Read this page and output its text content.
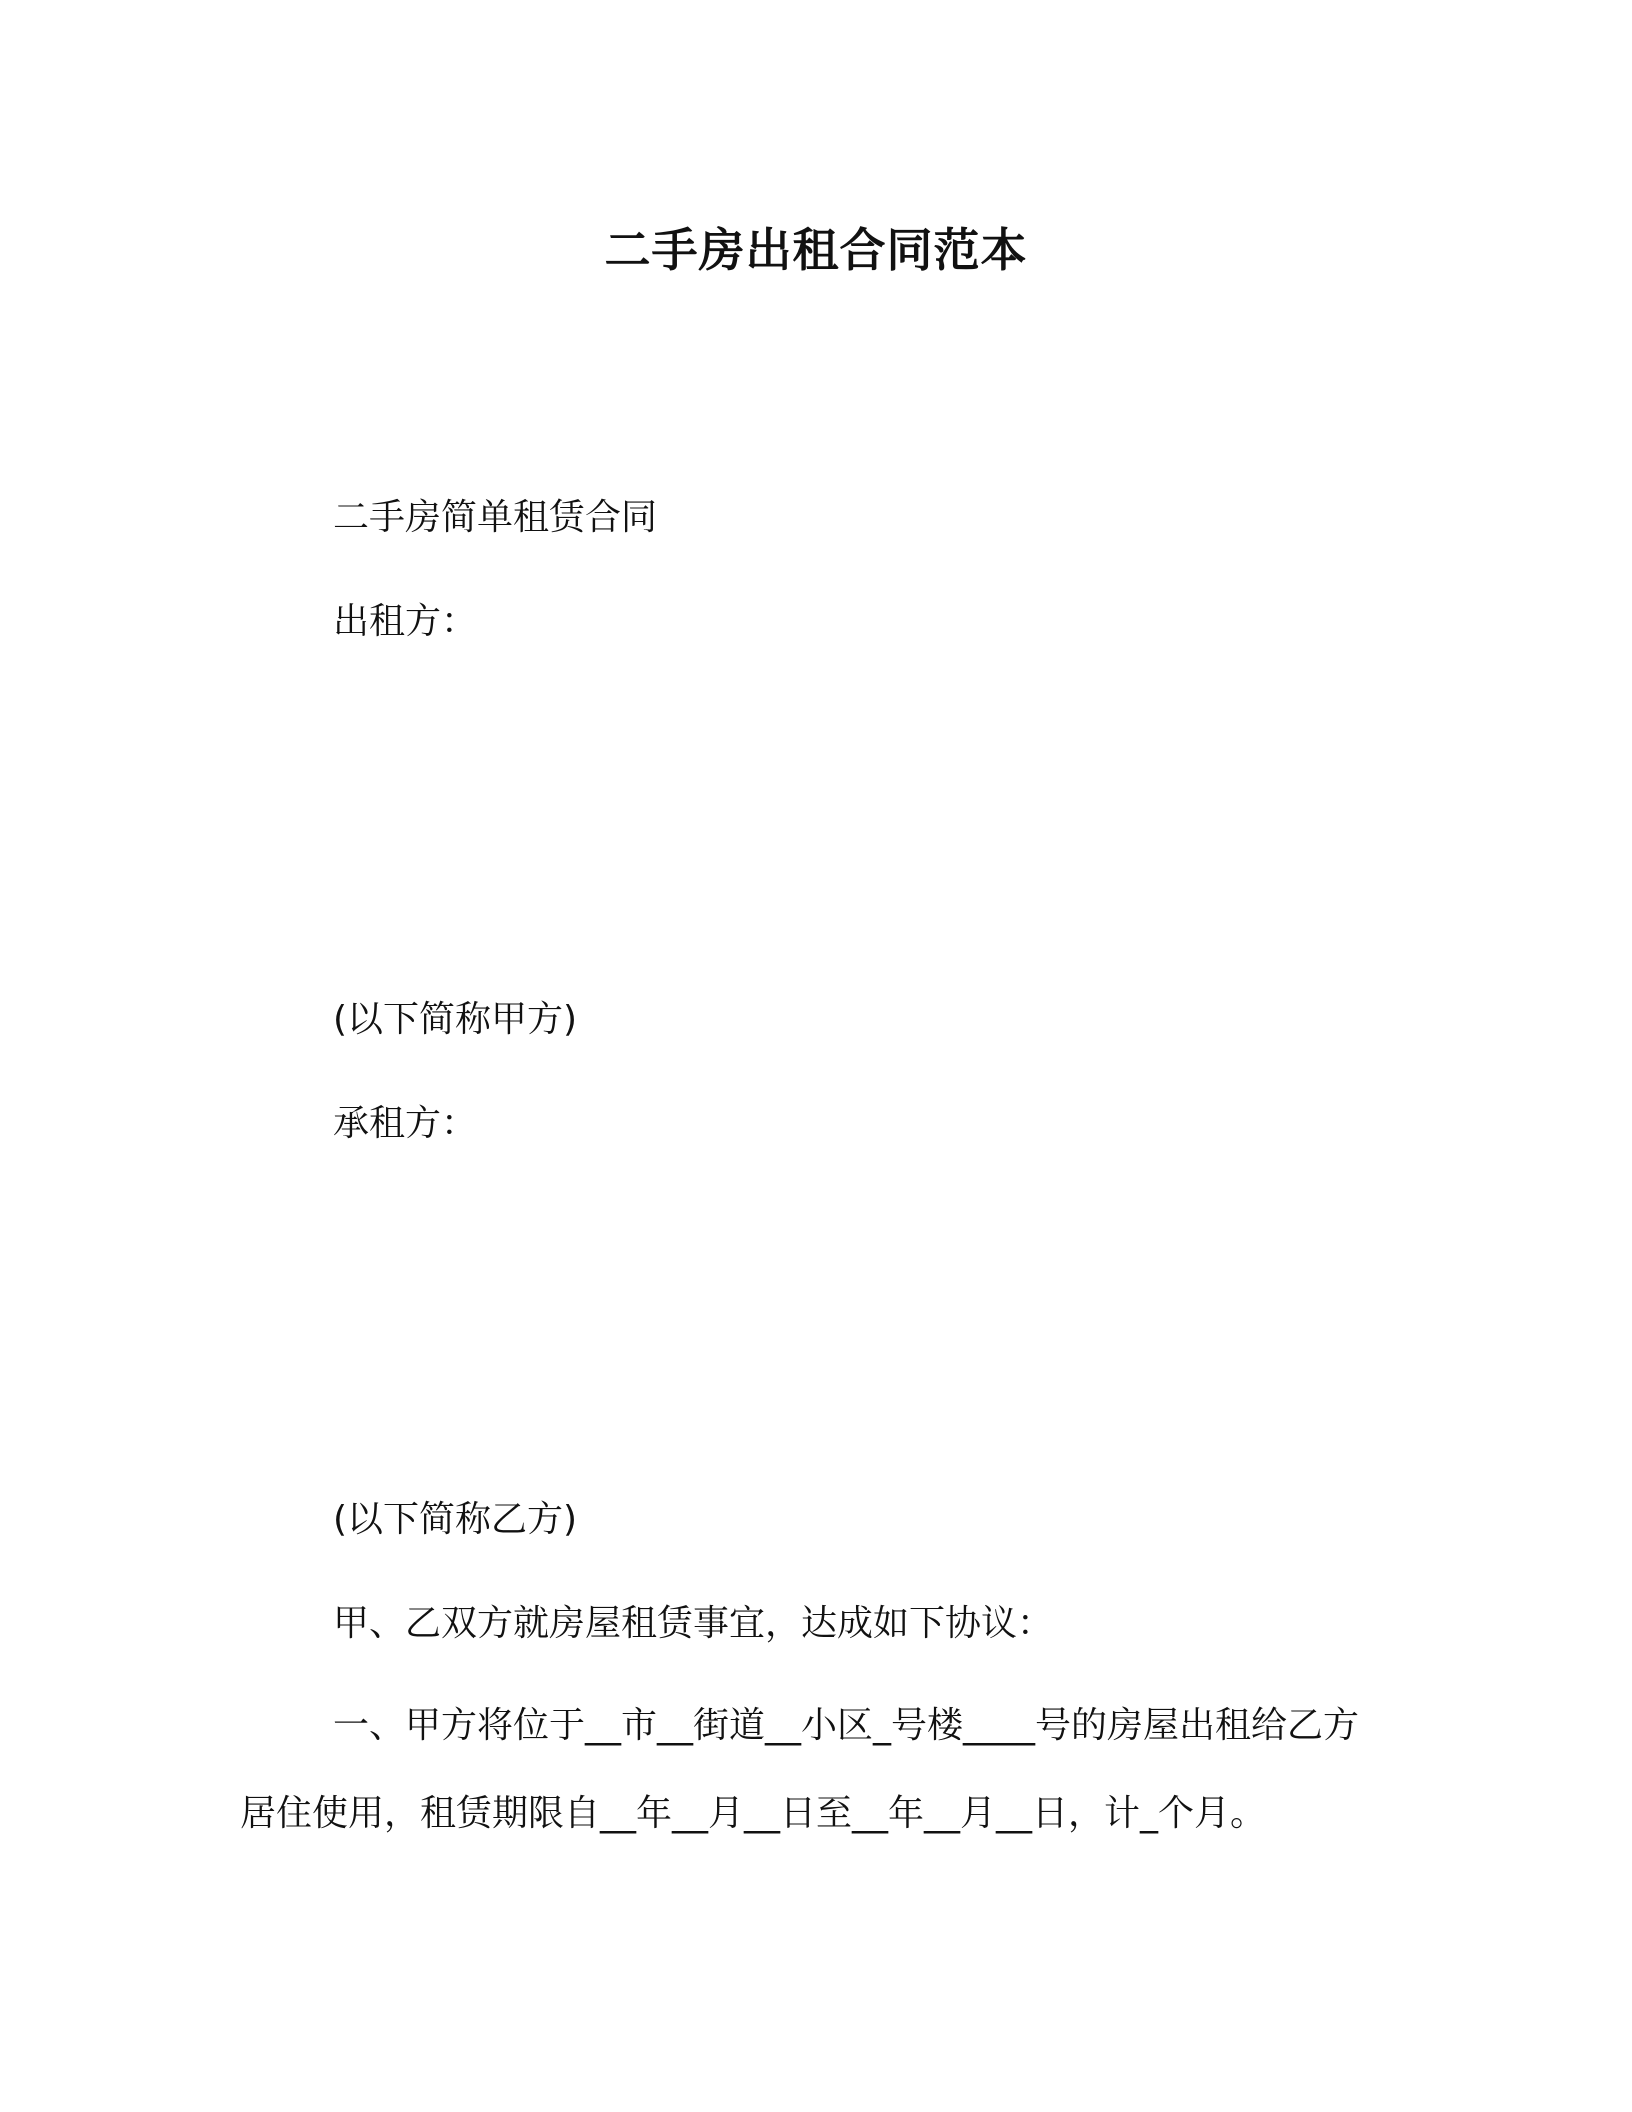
二手房出租合同范本
二手房简单租赁合同
出租方：
(以下简称甲方)
承租方：
(以下简称乙方)
甲、乙双方就房屋租赁事宜，达成如下协议：
一、甲方将位于__市__街道__小区_号楼____号的房屋出租给乙方居住使用，租赁期限自__年__月__日至__年__月__日，计_个月。
